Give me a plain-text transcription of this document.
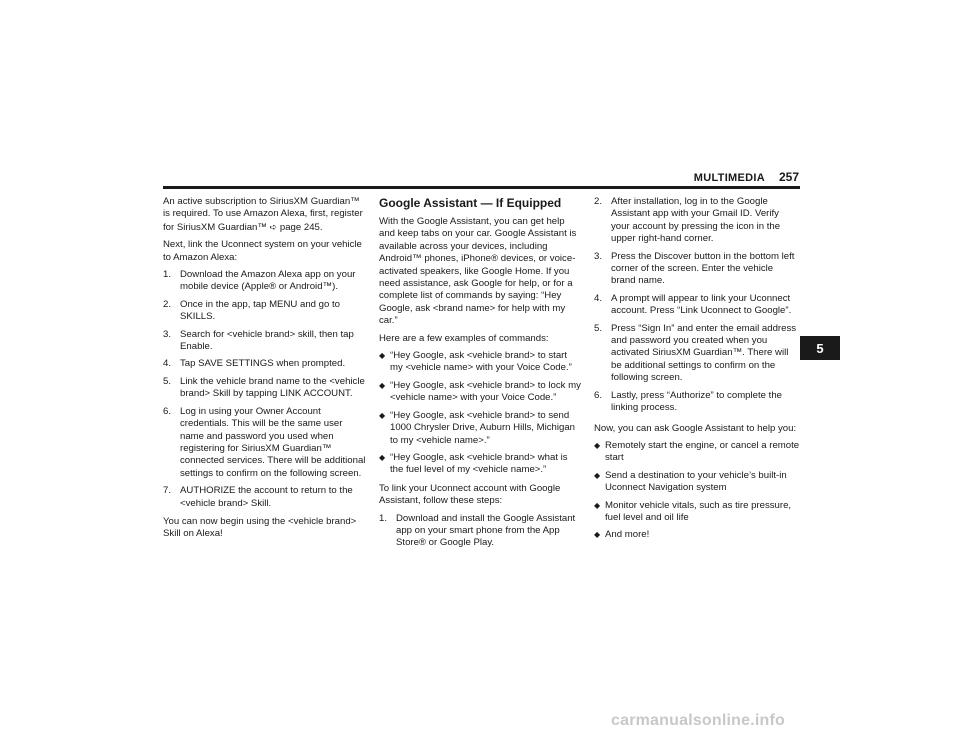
MULTIMEDIA 257
5

An active subscription to SiriusXM Guardian™ is required. To use Amazon Alexa, first, register for SiriusXM Guardian™ ➪ page 245.

Next, link the Uconnect system on your vehicle to Amazon Alexa:

1. Download the Amazon Alexa app on your mobile device (Apple® or Android™).
2. Once in the app, tap MENU and go to SKILLS.
3. Search for <vehicle brand> skill, then tap Enable.
4. Tap SAVE SETTINGS when prompted.
5. Link the vehicle brand name to the <vehicle brand> Skill by tapping LINK ACCOUNT.
6. Log in using your Owner Account credentials. This will be the same user name and password you used when registering for SiriusXM Guardian™ connected services. There will be additional settings to confirm on the following screen.
7. AUTHORIZE the account to return to the <vehicle brand> Skill.

You can now begin using the <vehicle brand> Skill on Alexa!

Google Assistant — If Equipped

With the Google Assistant, you can get help and keep tabs on your car. Google Assistant is available across your devices, including Android™ phones, iPhone® devices, or voice-activated speakers, like Google Home. If you need assistance, ask Google for help, or for a complete list of commands by saying: “Hey Google, ask <brand name> for help with my car.”

Here are a few examples of commands:

◆ “Hey Google, ask <vehicle brand> to start my <vehicle name> with your Voice Code.”
◆ “Hey Google, ask <vehicle brand> to lock my <vehicle name> with your Voice Code.”
◆ “Hey Google, ask <vehicle brand> to send 1000 Chrysler Drive, Auburn Hills, Michigan to my <vehicle name>.”
◆ “Hey Google, ask <vehicle brand> what is the fuel level of my <vehicle name>.”

To link your Uconnect account with Google Assistant, follow these steps:

1. Download and install the Google Assistant app on your smart phone from the App Store® or Google Play.
2. After installation, log in to the Google Assistant app with your Gmail ID. Verify your account by pressing the icon in the upper right-hand corner.
3. Press the Discover button in the bottom left corner of the screen. Enter the vehicle brand name.
4. A prompt will appear to link your Uconnect account. Press “Link Uconnect to Google”.
5. Press “Sign In” and enter the email address and password you created when you activated SiriusXM Guardian™. There will be additional settings to confirm on the following screen.
6. Lastly, press “Authorize” to complete the linking process.

Now, you can ask Google Assistant to help you:

◆ Remotely start the engine, or cancel a remote start
◆ Send a destination to your vehicle’s built-in Uconnect Navigation system
◆ Monitor vehicle vitals, such as tire pressure, fuel level and oil life
◆ And more!
carmanualsonline.info
